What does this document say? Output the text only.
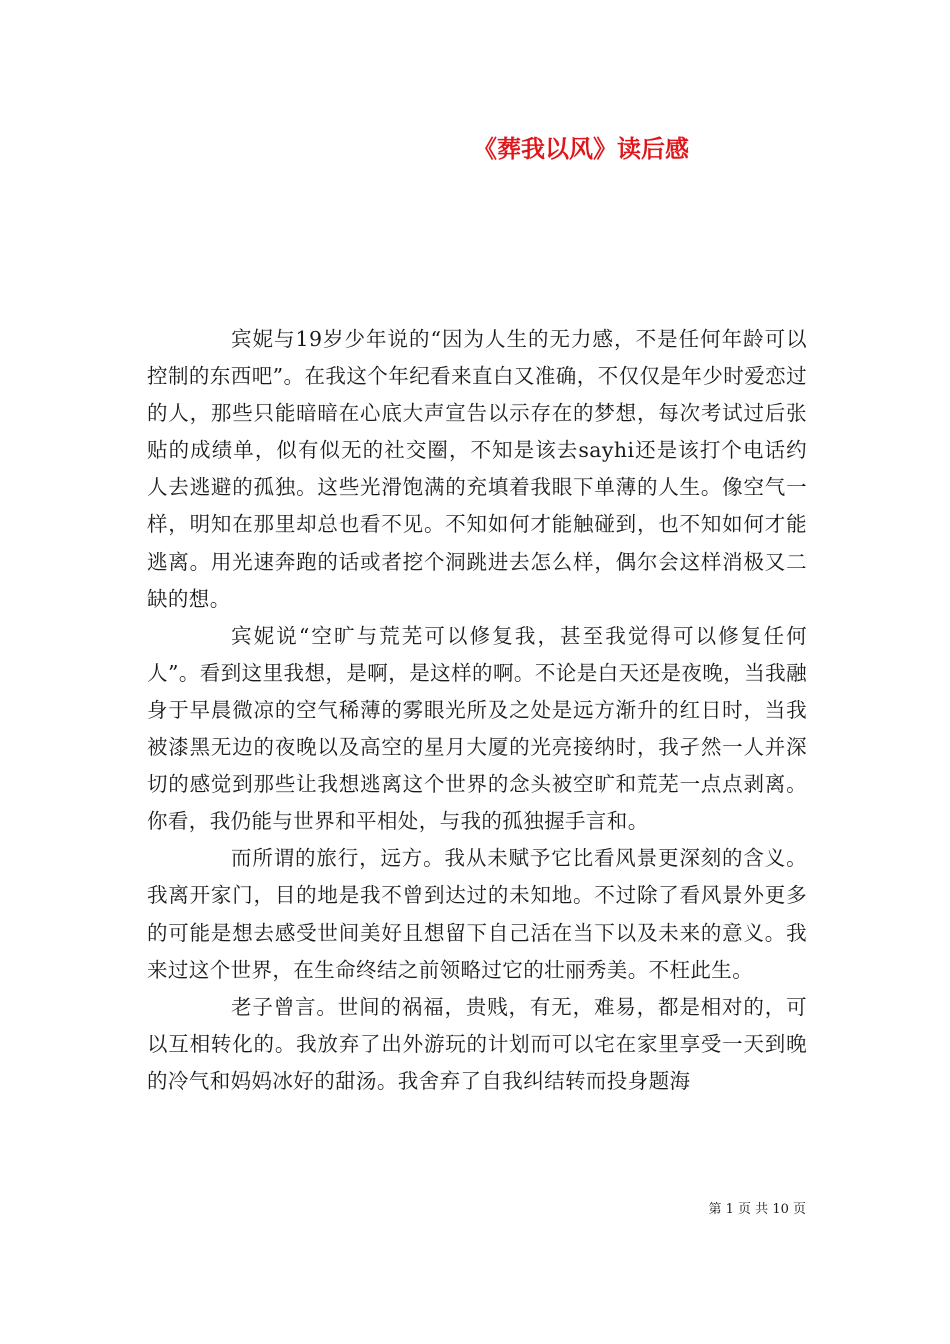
《葬我以风》读后感

宾妮与19岁少年说的“因为人生的无力感，不是任何年龄可以控制的东西吧”。在我这个年纪看来直白又准确，不仅仅是年少时爱恋过的人，那些只能暗暗在心底大声宣告以示存在的梦想，每次考试过后张贴的成绩单，似有似无的社交圈，不知是该去sayhi还是该打个电话约人去逃避的孤独。这些光滑饱满的充填着我眼下单薄的人生。像空气一样，明知在那里却总也看不见。不知如何才能触碰到，也不知如何才能逃离。用光速奔跑的话或者挖个洞跳进去怎么样，偶尔会这样消极又二缺的想。

宾妮说“空旷与荒芜可以修复我，甚至我觉得可以修复任何人”。看到这里我想，是啊，是这样的啊。不论是白天还是夜晚，当我融身于早晨微凉的空气稀薄的雾眼光所及之处是远方渐升的红日时，当我被漆黑无边的夜晚以及高空的星月大厦的光亮接纳时，我孑然一人并深切的感觉到那些让我想逃离这个世界的念头被空旷和荒芜一点点剥离。你看，我仍能与世界和平相处，与我的孤独握手言和。

而所谓的旅行，远方。我从未赋予它比看风景更深刻的含义。我离开家门，目的地是我不曾到达过的未知地。不过除了看风景外更多的可能是想去感受世间美好且想留下自己活在当下以及未来的意义。我来过这个世界，在生命终结之前领略过它的壮丽秀美。不枉此生。

老子曾言。世间的祸福，贵贱，有无，难易，都是相对的，可以互相转化的。我放弃了出外游玩的计划而可以宅在家里享受一天到晚的冷气和妈妈冰好的甜汤。我舍弃了自我纠结转而投身题海

第 1 页 共 10 页
